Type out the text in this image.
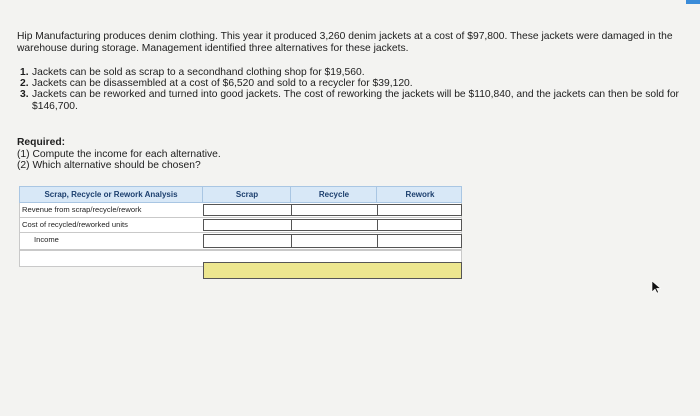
Hip Manufacturing produces denim clothing. This year it produced 3,260 denim jackets at a cost of $97,800. These jackets were damaged in the warehouse during storage. Management identified three alternatives for these jackets.
1. Jackets can be sold as scrap to a secondhand clothing shop for $19,560.
2. Jackets can be disassembled at a cost of $6,520 and sold to a recycler for $39,120.
3. Jackets can be reworked and turned into good jackets. The cost of reworking the jackets will be $110,840, and the jackets can then be sold for $146,700.
Required:
(1) Compute the income for each alternative.
(2) Which alternative should be chosen?
Scrap, Recycle or Rework Analysis	Scrap	Recycle	Rework
Revenue from scrap/recycle/rework
Cost of recycled/reworked units
Income
